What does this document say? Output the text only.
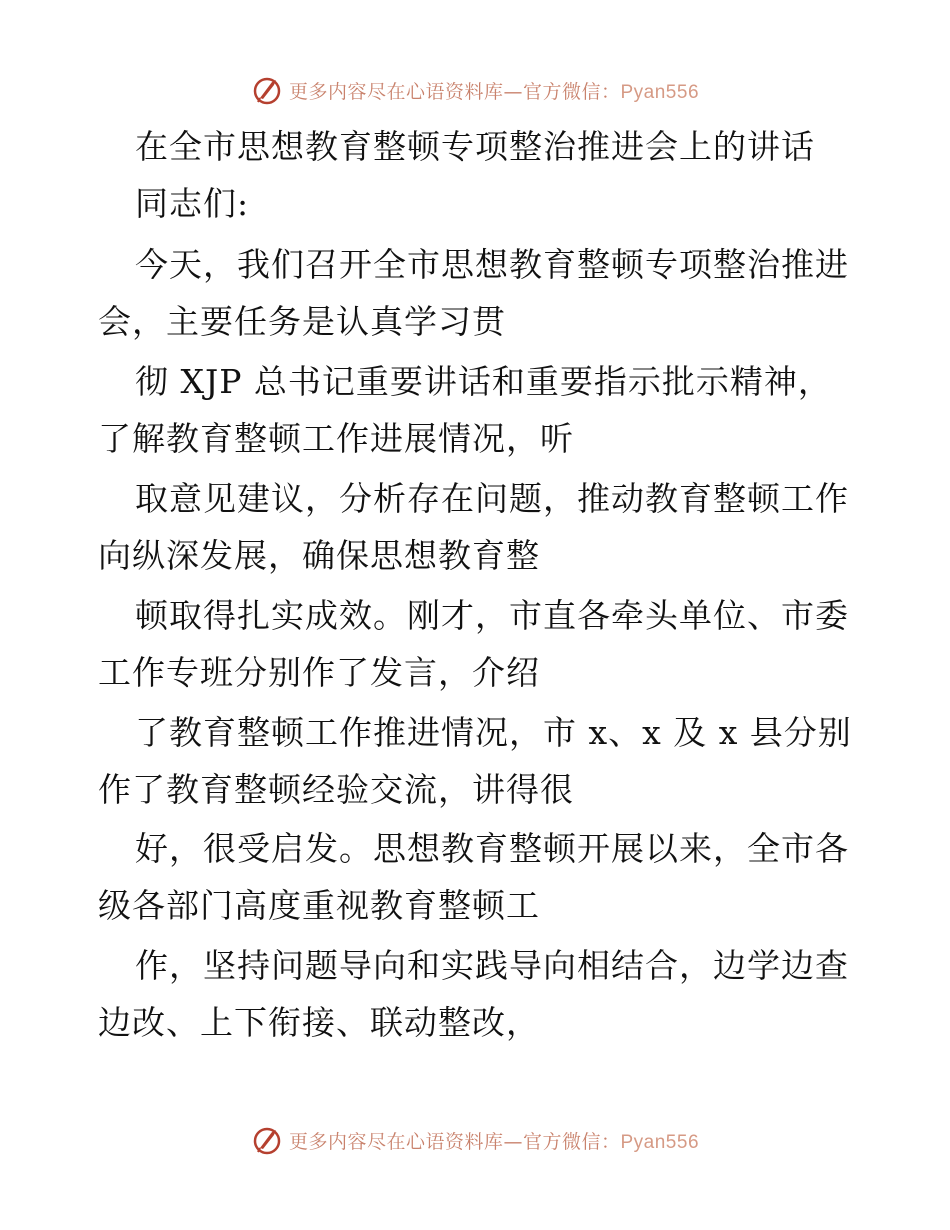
更多内容尽在心语资料库—官方微信：Pyan556
在全市思想教育整顿专项整治推进会上的讲话
同志们:
今天，我们召开全市思想教育整顿专项整治推进
会，主要任务是认真学习贯
彻 XJP 总书记重要讲话和重要指示批示精神，
了解教育整顿工作进展情况，听
取意见建议，分析存在问题，推动教育整顿工作
向纵深发展，确保思想教育整
顿取得扎实成效。刚才，市直各牵头单位、市委
工作专班分别作了发言，介绍
了教育整顿工作推进情况，市 x、x 及 x 县分别
作了教育整顿经验交流，讲得很
好，很受启发。思想教育整顿开展以来，全市各
级各部门高度重视教育整顿工
作，坚持问题导向和实践导向相结合，边学边查
边改、上下衔接、联动整改，
更多内容尽在心语资料库—官方微信：Pyan556
